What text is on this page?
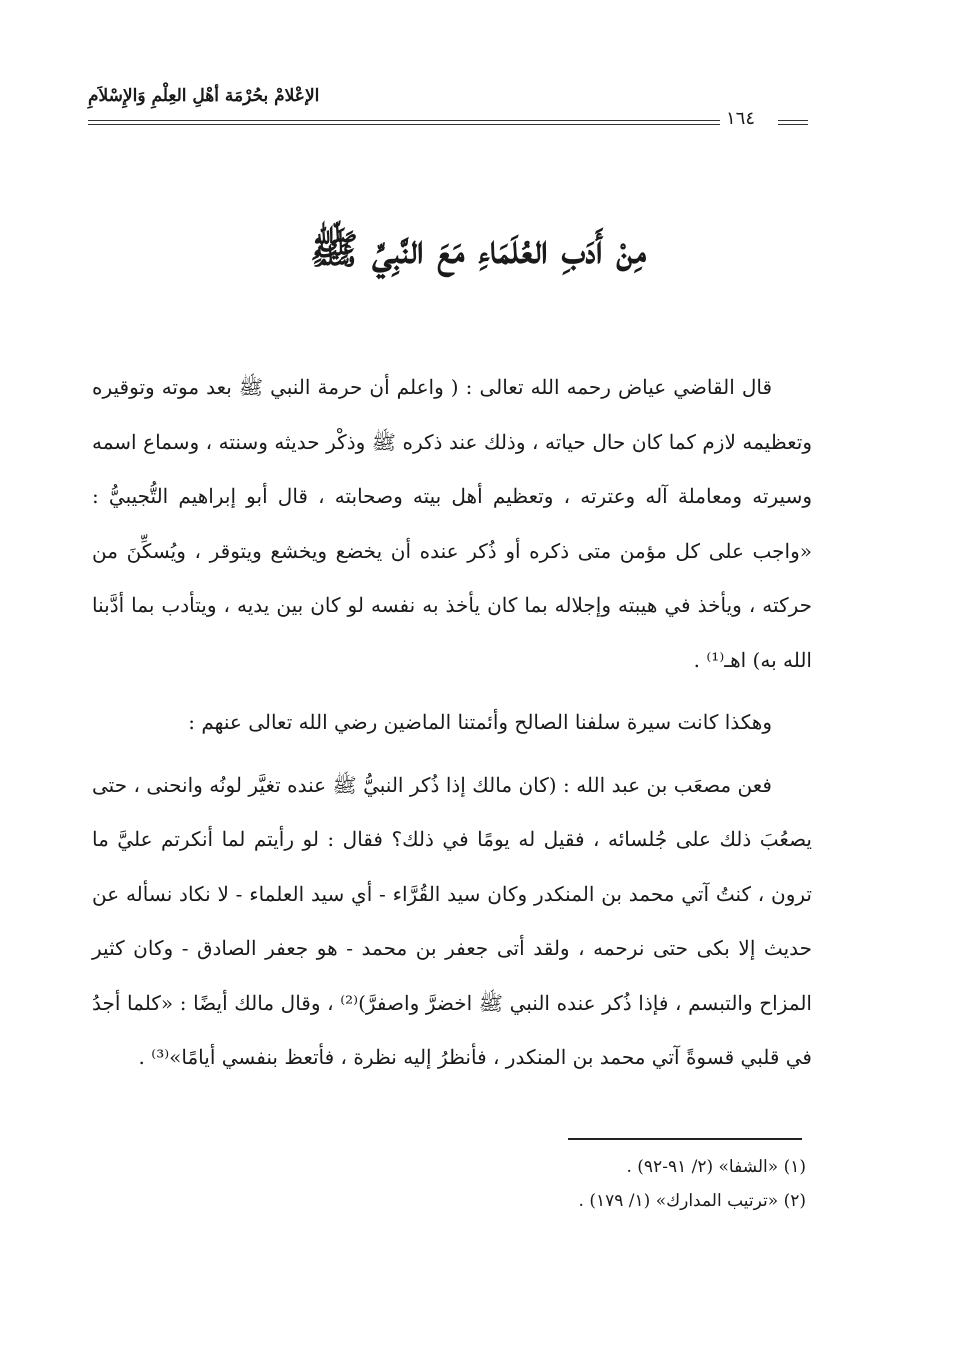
الإعْلامْ بحُرْمَة أهْلِ العِلْمِ وَالإِسْلاَمِ
١٦٤
مِنْ أَدَبِ العُلَمَاءِ مَعَ النَّبِيِّ ﷺ

قال القاضي عياض رحمه الله تعالى : ( واعلم أن حرمة النبي ﷺ بعد موته وتوقيره وتعظيمه لازم كما كان حال حياته ، وذلك عند ذكره ﷺ وذكْر حديثه وسنته ، وسماع اسمه وسيرته ومعاملة آله وعترته ، وتعظيم أهل بيته وصحابته ، قال أبو إبراهيم التُّجيبيُّ : «واجب على كل مؤمن متى ذكره أو ذُكر عنده أن يخضع ويخشع ويتوقر ، ويُسكِّنَ من حركته ، ويأخذ في هيبته وإجلاله بما كان يأخذ به نفسه لو كان بين يديه ، ويتأدب بما أدَّبنا الله به) اهـ⁽¹⁾ .

وهكذا كانت سيرة سلفنا الصالح وأئمتنا الماضين رضي الله تعالى عنهم :

فعن مصعَب بن عبد الله : (كان مالك إذا ذُكر النبيُّ ﷺ عنده تغيَّر لونُه وانحنى ، حتى يصعُبَ ذلك على جُلسائه ، فقيل له يومًا في ذلك؟ فقال : لو رأيتم لما أنكرتم عليَّ ما ترون ، كنتُ آتي محمد بن المنكدر وكان سيد القُرَّاء - أي سيد العلماء - لا نكاد نسأله عن حديث إلا بكى حتى نرحمه ، ولقد أتى جعفر بن محمد - هو جعفر الصادق - وكان كثير المزاح والتبسم ، فإذا ذُكر عنده النبي ﷺ اخضرَّ واصفرَّ)⁽²⁾ ، وقال مالك أيضًا : «كلما أجدُ في قلبي قسوةً آتي محمد بن المنكدر ، فأنظرُ إليه نظرة ، فأتعظ بنفسي أيامًا»⁽³⁾ .

(١) «الشفا» (٢/ ٩١-٩٢) .
(٢) «ترتيب المدارك» (١/ ١٧٩) .
